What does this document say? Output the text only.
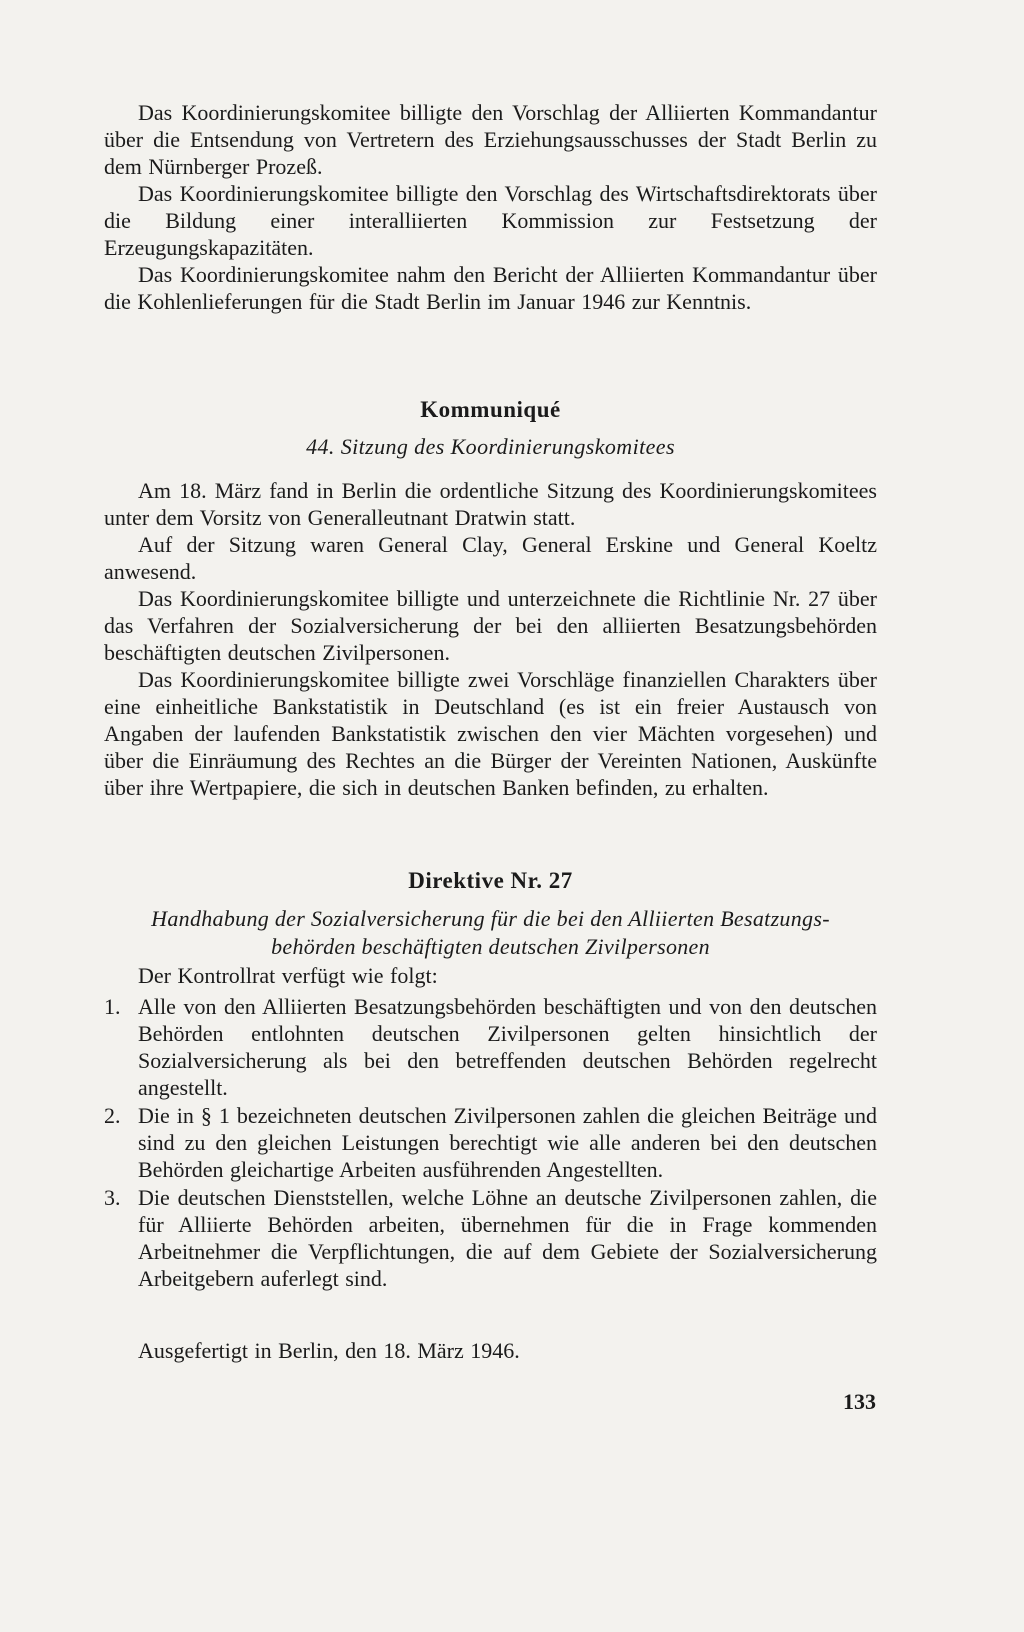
Das Koordinierungskomitee billigte den Vorschlag der Alliierten Kommandantur über die Entsendung von Vertretern des Erziehungsausschusses der Stadt Berlin zu dem Nürnberger Prozeß.

Das Koordinierungskomitee billigte den Vorschlag des Wirtschaftsdirektorats über die Bildung einer interalliierten Kommission zur Festsetzung der Erzeugungskapazitäten.

Das Koordinierungskomitee nahm den Bericht der Alliierten Kommandantur über die Kohlenlieferungen für die Stadt Berlin im Januar 1946 zur Kenntnis.

Kommuniqué
44. Sitzung des Koordinierungskomitees

Am 18. März fand in Berlin die ordentliche Sitzung des Koordinierungskomitees unter dem Vorsitz von Generalleutnant Dratwin statt.

Auf der Sitzung waren General Clay, General Erskine und General Koeltz anwesend.

Das Koordinierungskomitee billigte und unterzeichnete die Richtlinie Nr. 27 über das Verfahren der Sozialversicherung der bei den alliierten Besatzungsbehörden beschäftigten deutschen Zivilpersonen.

Das Koordinierungskomitee billigte zwei Vorschläge finanziellen Charakters über eine einheitliche Bankstatistik in Deutschland (es ist ein freier Austausch von Angaben der laufenden Bankstatistik zwischen den vier Mächten vorgesehen) und über die Einräumung des Rechtes an die Bürger der Vereinten Nationen, Auskünfte über ihre Wertpapiere, die sich in deutschen Banken befinden, zu erhalten.

Direktive Nr. 27
Handhabung der Sozialversicherung für die bei den Alliierten Besatzungs-
behörden beschäftigten deutschen Zivilpersonen

Der Kontrollrat verfügt wie folgt:

1. Alle von den Alliierten Besatzungsbehörden beschäftigten und von den deutschen Behörden entlohnten deutschen Zivilpersonen gelten hinsichtlich der Sozialversicherung als bei den betreffenden deutschen Behörden regelrecht angestellt.
2. Die in § 1 bezeichneten deutschen Zivilpersonen zahlen die gleichen Beiträge und sind zu den gleichen Leistungen berechtigt wie alle anderen bei den deutschen Behörden gleichartige Arbeiten ausführenden Angestellten.
3. Die deutschen Dienststellen, welche Löhne an deutsche Zivilpersonen zahlen, die für Alliierte Behörden arbeiten, übernehmen für die in Frage kommenden Arbeitnehmer die Verpflichtungen, die auf dem Gebiete der Sozialversicherung Arbeitgebern auferlegt sind.

Ausgefertigt in Berlin, den 18. März 1946.

133
